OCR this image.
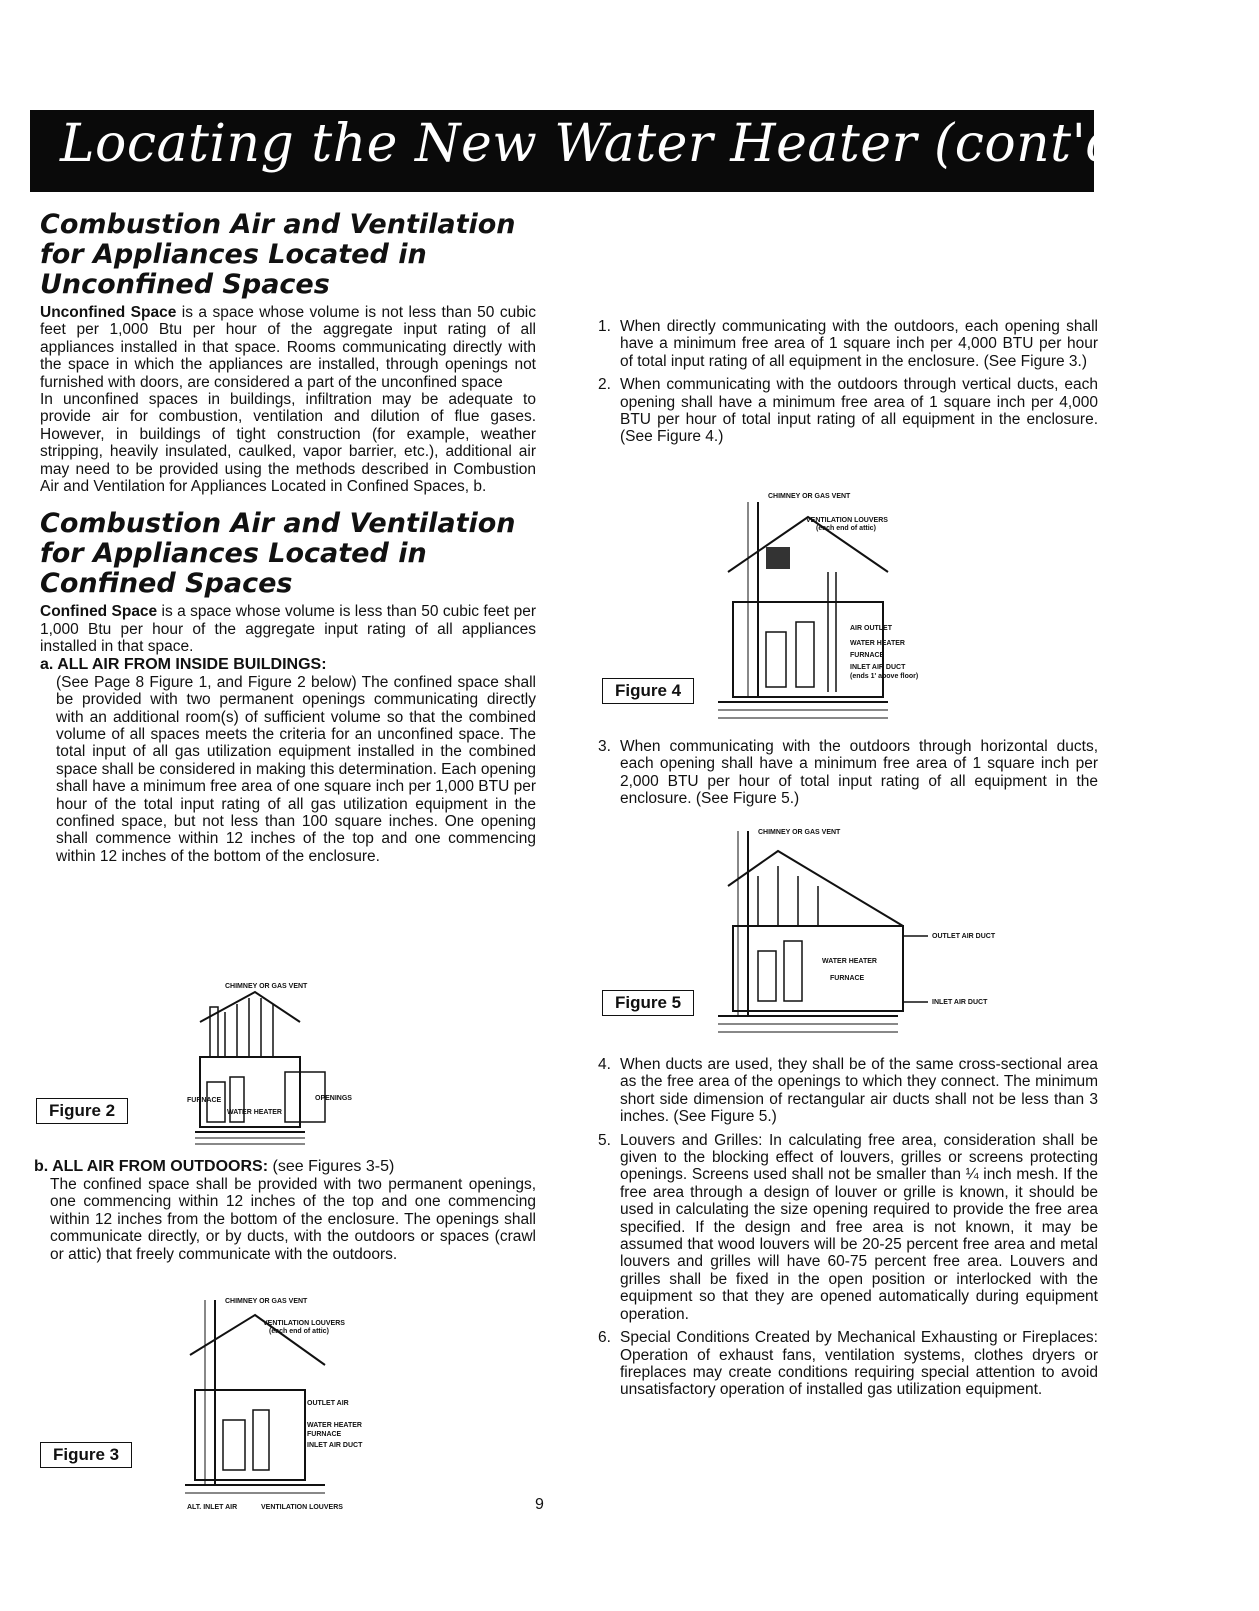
Locating the New Water Heater (cont'd)
Combustion Air and Ventilation
for Appliances Located in
Unconfined Spaces

Unconfined Space is a space whose volume is not less than 50 cubic feet per 1,000 Btu per hour of the aggregate input rating of all appliances installed in that space. Rooms communicating directly with the space in which the appliances are installed, through openings not furnished with doors, are considered a part of the unconfined space

In unconfined spaces in buildings, infiltration may be adequate to provide air for combustion, ventilation and dilution of flue gases. However, in buildings of tight construction (for example, weather stripping, heavily insulated, caulked, vapor barrier, etc.), additional air may need to be provided using the methods described in Combustion Air and Ventilation for Appliances Located in Confined Spaces, b.

Combustion Air and Ventilation
for Appliances Located in
Confined Spaces

Confined Space is a space whose volume is less than 50 cubic feet per 1,000 Btu per hour of the aggregate input rating of all appliances installed in that space.

a. ALL AIR FROM INSIDE BUILDINGS:

(See Page 8 Figure 1, and Figure 2 below) The confined space shall be provided with two permanent openings communicating directly with an additional room(s) of sufficient volume so that the combined volume of all spaces meets the criteria for an unconfined space. The total input of all gas utilization equipment installed in the combined space shall be considered in making this determination. Each opening shall have a minimum free area of one square inch per 1,000 BTU per hour of the total input rating of all gas utilization equipment in the confined space, but not less than 100 square inches. One opening shall commence within 12 inches of the top and one commencing within 12 inches of the bottom of the enclosure.

Figure 2
CHIMNEY OR GAS VENT
FURNACE
WATER HEATER
OPENINGS

b. ALL AIR FROM OUTDOORS: (see Figures 3-5)

The confined space shall be provided with two permanent openings, one commencing within 12 inches of the top and one commencing within 12 inches from the bottom of the enclosure. The openings shall communicate directly, or by ducts, with the outdoors or spaces (crawl or attic) that freely communicate with the outdoors.

Figure 3
CHIMNEY OR GAS VENT
VENTILATION LOUVERS
(each end of attic)
OUTLET AIR
WATER HEATER
FURNACE
INLET AIR DUCT
ALT. INLET AIR	VENTILATION LOUVERS
1. When directly communicating with the outdoors, each opening shall have a minimum free area of 1 square inch per 4,000 BTU per hour of total input rating of all equipment in the enclosure. (See Figure 3.)

2. When communicating with the outdoors through vertical ducts, each opening shall have a minimum free area of 1 square inch per 4,000 BTU per hour of total input rating of all equipment in the enclosure. (See Figure 4.)

Figure 4
CHIMNEY OR GAS VENT
VENTILATION LOUVERS
(each end of attic)
AIR OUTLET
WATER HEATER
FURNACE
INLET AIR DUCT
(ends 1' above floor)
3. When communicating with the outdoors through horizontal ducts, each opening shall have a minimum free area of 1 square inch per 2,000 BTU per hour of total input rating of all equipment in the enclosure. (See Figure 5.)

Figure 5
CHIMNEY OR GAS VENT
OUTLET AIR DUCT
WATER HEATER
FURNACE
INLET AIR DUCT
4. When ducts are used, they shall be of the same cross-sectional area as the free area of the openings to which they connect. The minimum short side dimension of rectangular air ducts shall not be less than 3 inches. (See Figure 5.)

5. Louvers and Grilles: In calculating free area, consideration shall be given to the blocking effect of louvers, grilles or screens protecting openings. Screens used shall not be smaller than ¼ inch mesh. If the free area through a design of louver or grille is known, it should be used in calculating the size opening required to provide the free area specified. If the design and free area is not known, it may be assumed that wood louvers will be 20-25 percent free area and metal louvers and grilles will have 60-75 percent free area. Louvers and grilles shall be fixed in the open position or interlocked with the equipment so that they are opened automatically during equipment operation.

6. Special Conditions Created by Mechanical Exhausting or Fireplaces: Operation of exhaust fans, ventilation systems, clothes dryers or fireplaces may create conditions requiring special attention to avoid unsatisfactory operation of installed gas utilization equipment.

9
